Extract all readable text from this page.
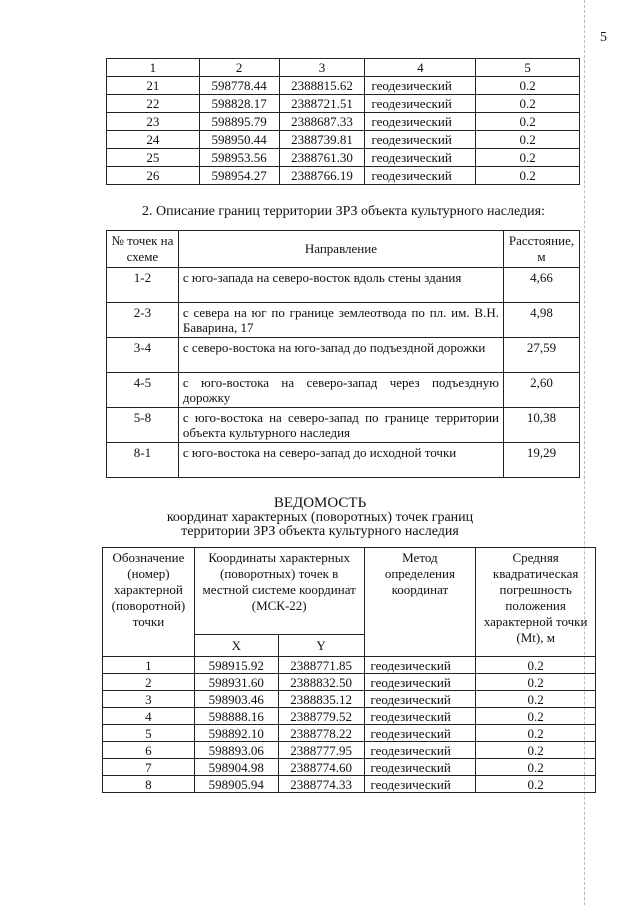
5
1	2	3	4	5
21	598778.44	2388815.62	геодезический	0.2
22	598828.17	2388721.51	геодезический	0.2
23	598895.79	2388687.33	геодезический	0.2
24	598950.44	2388739.81	геодезический	0.2
25	598953.56	2388761.30	геодезический	0.2
26	598954.27	2388766.19	геодезический	0.2
2. Описание границ территории ЗРЗ объекта культурного наследия:
№ точек на схеме	Направление	Расстояние, м
1-2	с юго-запада на северо-восток вдоль стены здания	4,66
2-3	с севера на юг по границе землеотвода по пл. им. В.Н. Баварина, 17	4,98
3-4	с северо-востока на юго-запад до подъездной дорожки	27,59
4-5	с юго-востока на северо-запад через подъездную дорожку	2,60
5-8	с юго-востока на северо-запад по границе территории объекта культурного наследия	10,38
8-1	с юго-востока на северо-запад до исходной точки	19,29
ВЕДОМОСТЬ
координат характерных (поворотных) точек границ
территории ЗРЗ объекта культурного наследия
Обозначение (номер) характерной (поворотной) точки	Координаты характерных (поворотных) точек в местной системе координат (МСК-22)		Метод определения координат	Средняя квадратическая погрешность положения характерной точки (Mt), м
	X	Y		
1	598915.92	2388771.85	геодезический	0.2
2	598931.60	2388832.50	геодезический	0.2
3	598903.46	2388835.12	геодезический	0.2
4	598888.16	2388779.52	геодезический	0.2
5	598892.10	2388778.22	геодезический	0.2
6	598893.06	2388777.95	геодезический	0.2
7	598904.98	2388774.60	геодезический	0.2
8	598905.94	2388774.33	геодезический	0.2
